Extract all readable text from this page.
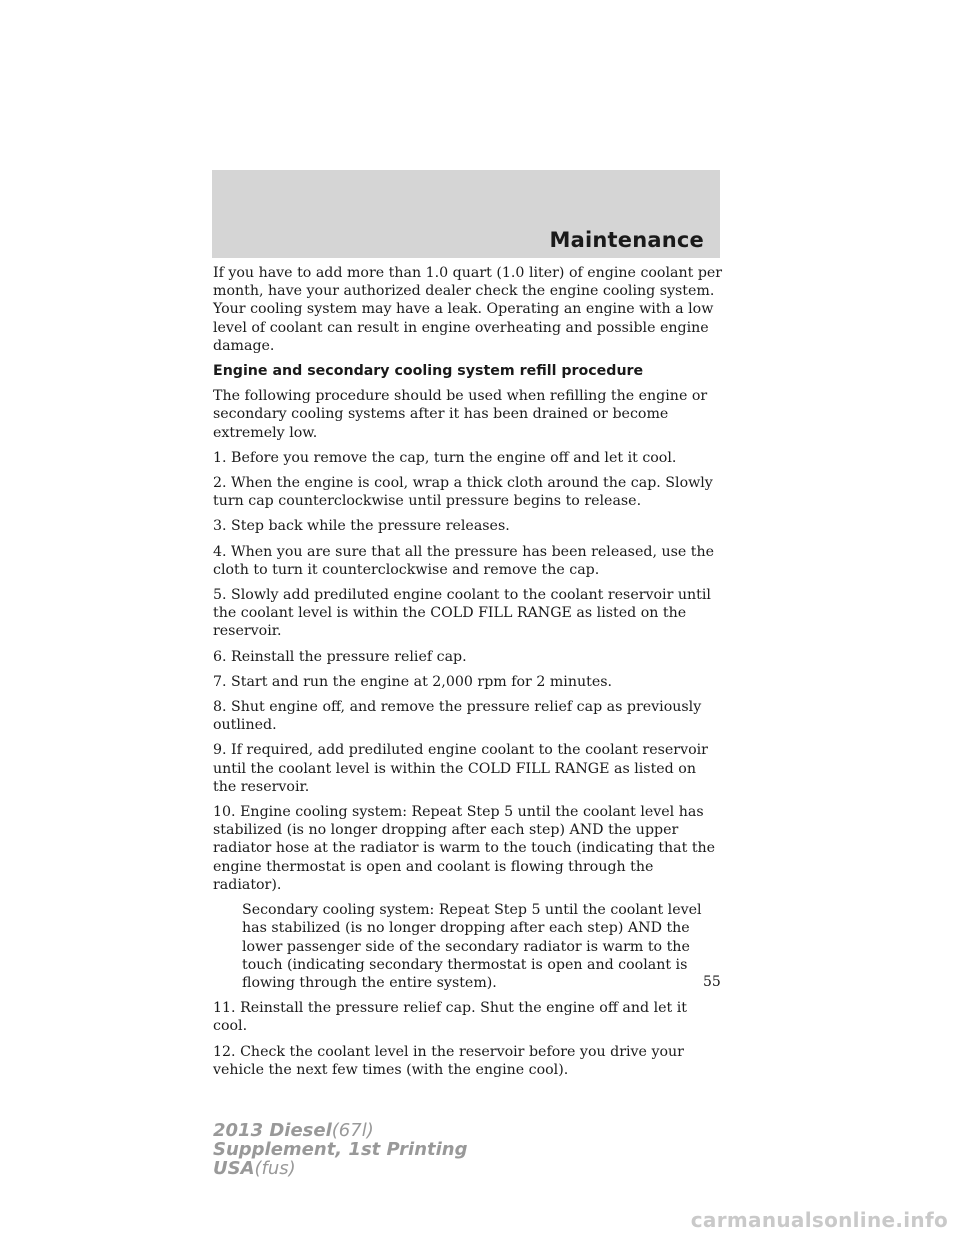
Maintenance

If you have to add more than 1.0 quart (1.0 liter) of engine coolant per month, have your authorized dealer check the engine cooling system. Your cooling system may have a leak. Operating an engine with a low level of coolant can result in engine overheating and possible engine damage.

Engine and secondary cooling system refill procedure

The following procedure should be used when refilling the engine or secondary cooling systems after it has been drained or become extremely low.

1. Before you remove the cap, turn the engine off and let it cool.

2. When the engine is cool, wrap a thick cloth around the cap. Slowly turn cap counterclockwise until pressure begins to release.

3. Step back while the pressure releases.

4. When you are sure that all the pressure has been released, use the cloth to turn it counterclockwise and remove the cap.

5. Slowly add prediluted engine coolant to the coolant reservoir until the coolant level is within the COLD FILL RANGE as listed on the reservoir.

6. Reinstall the pressure relief cap.

7. Start and run the engine at 2,000 rpm for 2 minutes.

8. Shut engine off, and remove the pressure relief cap as previously outlined.

9. If required, add prediluted engine coolant to the coolant reservoir until the coolant level is within the COLD FILL RANGE as listed on the reservoir.

10. Engine cooling system: Repeat Step 5 until the coolant level has stabilized (is no longer dropping after each step) AND the upper radiator hose at the radiator is warm to the touch (indicating that the engine thermostat is open and coolant is flowing through the radiator).

Secondary cooling system: Repeat Step 5 until the coolant level has stabilized (is no longer dropping after each step) AND the lower passenger side of the secondary radiator is warm to the touch (indicating secondary thermostat is open and coolant is flowing through the entire system).

11. Reinstall the pressure relief cap. Shut the engine off and let it cool.

12. Check the coolant level in the reservoir before you drive your vehicle the next few times (with the engine cool).

55
2013 Diesel(67l)
Supplement, 1st Printing
USA(fus)
carmanualsonline.info
